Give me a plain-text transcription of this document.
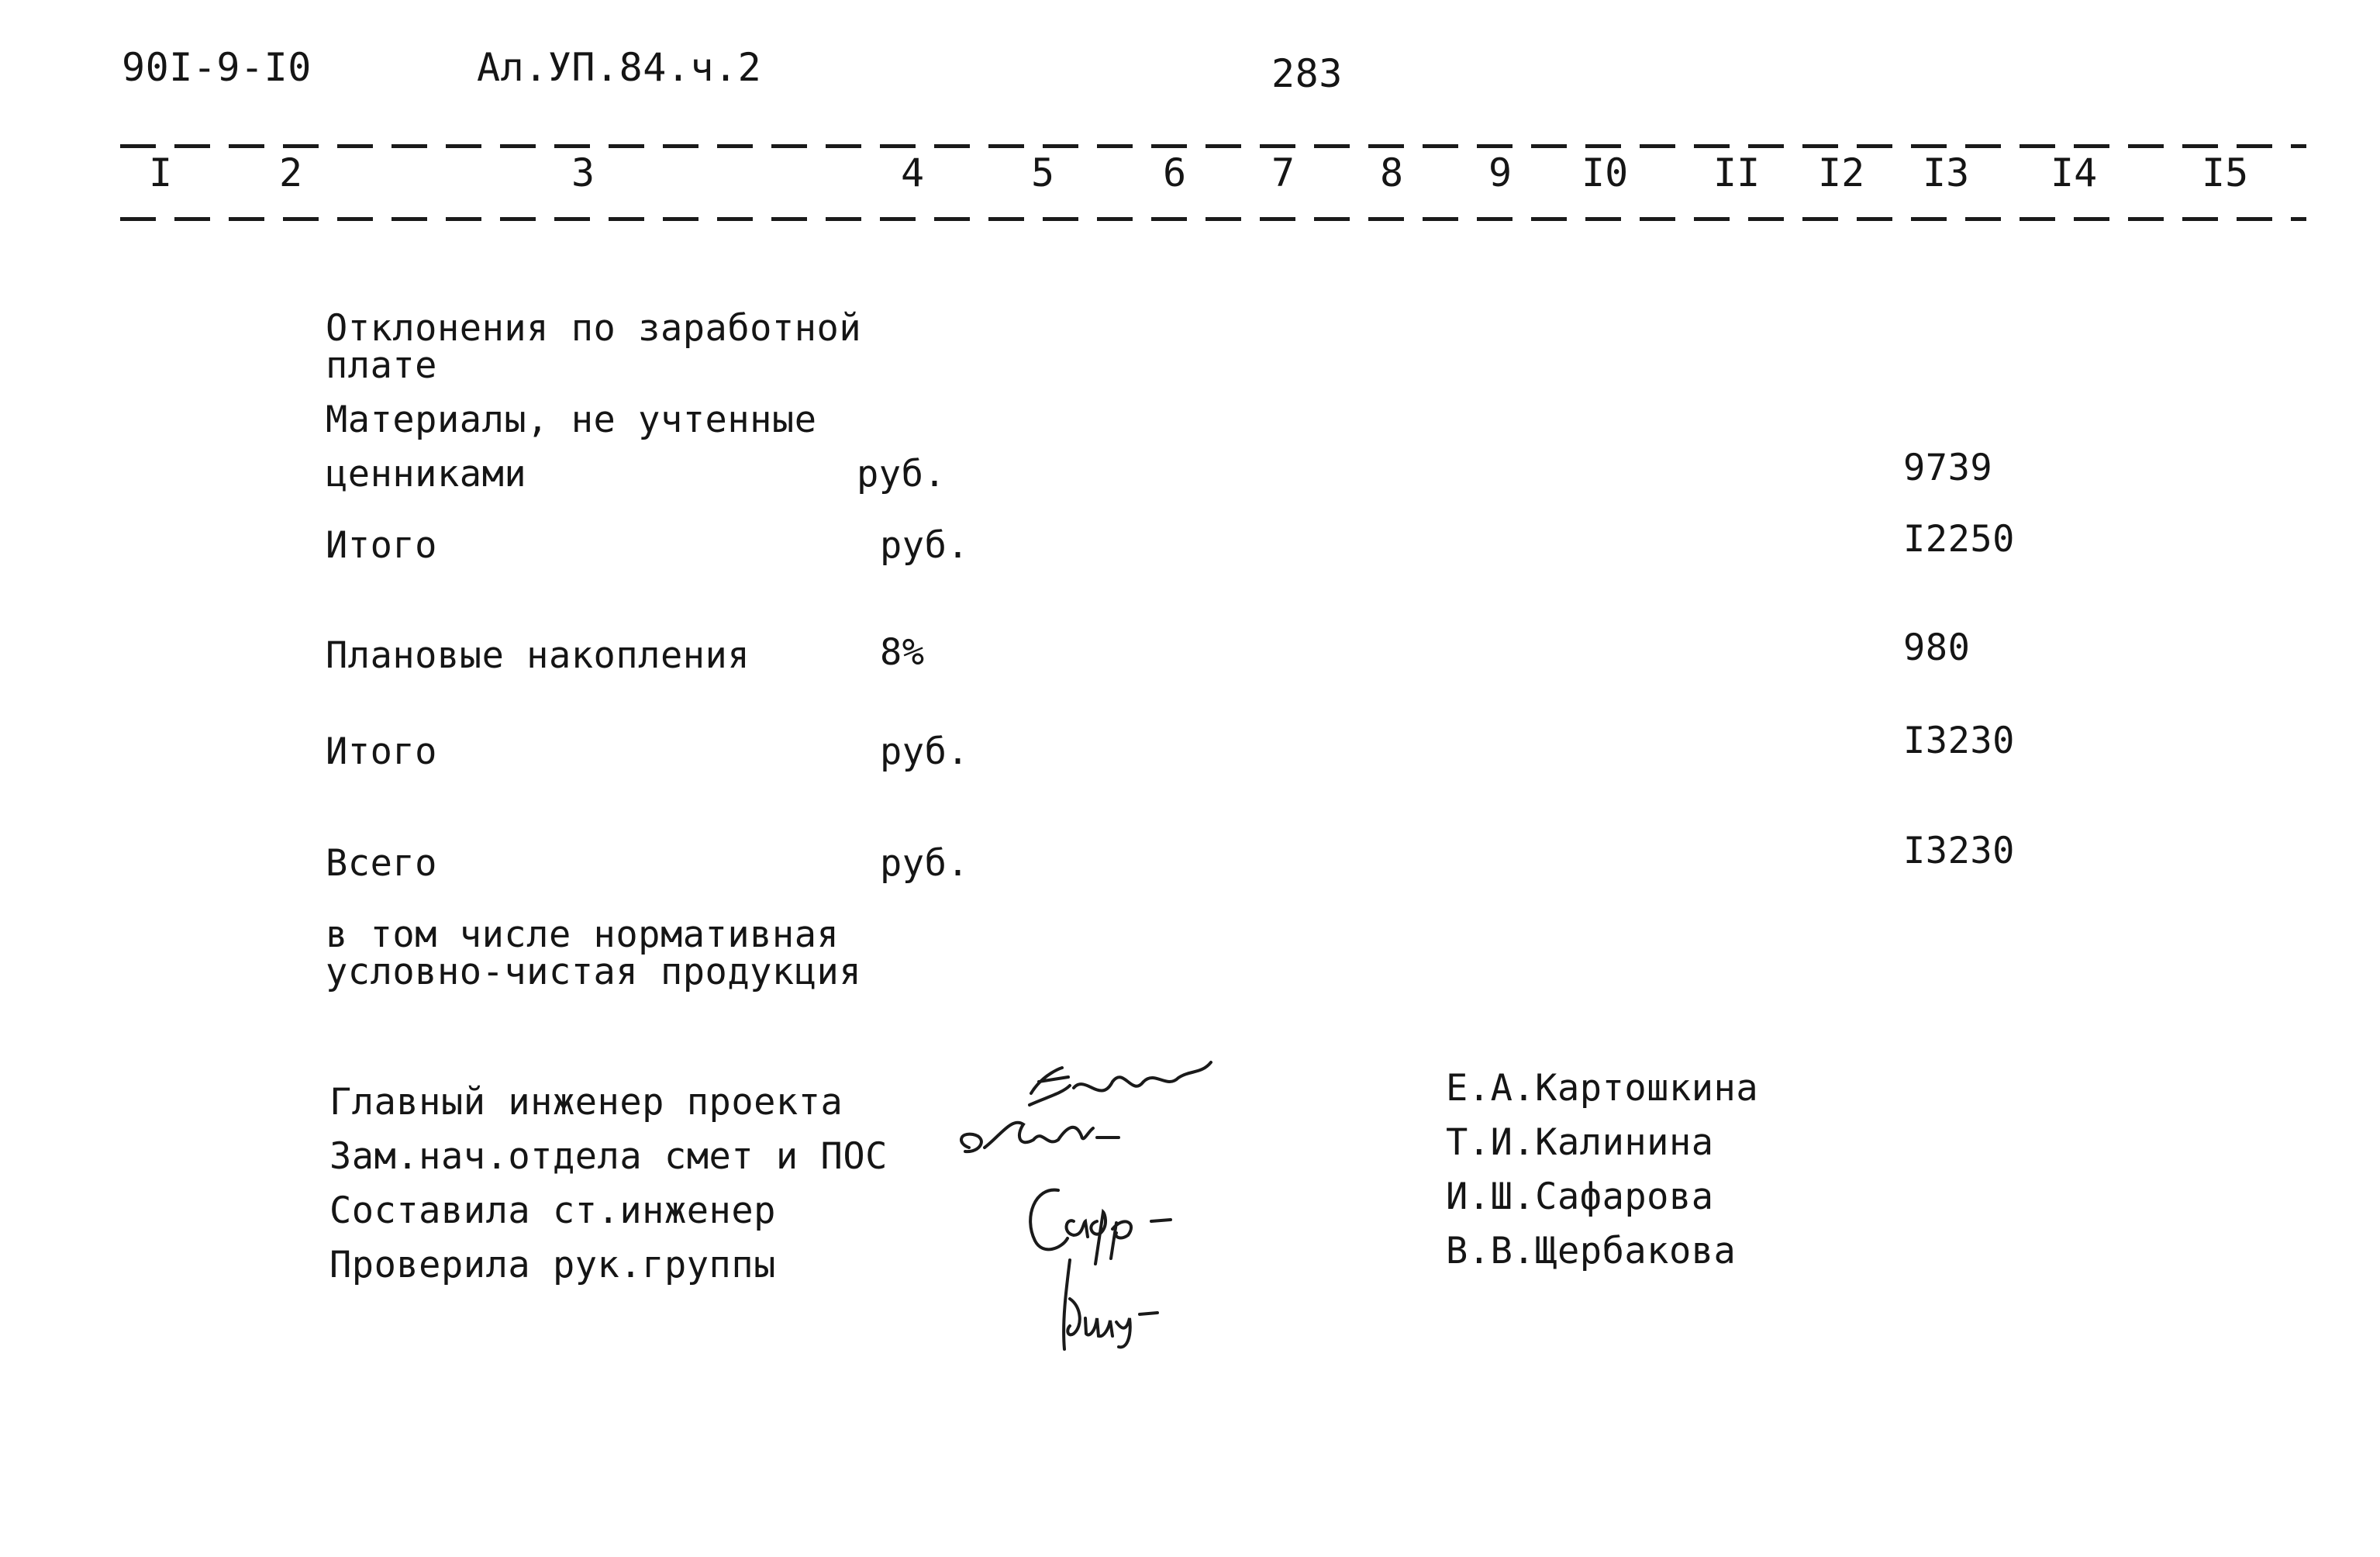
90I-9-I0	Ал.УП.84.ч.2	283
I	2	3	4	5	6 7 8 9 I0 II I2 I3 I4	I5
Отклонения по заработной
плате
Материалы, не учтенные
ценниками	руб.	9739
Итого	руб.	I2250
Плановые накопления	8%	980
Итого	руб.	I3230
Всего	руб.	I3230
в том числе нормативная
условно-чистая продукция
Главный инженер проекта
Зам.нач.отдела смет и ПОС
Составила ст.инженер
Проверила рук.группы
Е.А.Картошкина
Т.И.Калинина
И.Ш.Сафарова
В.В.Щербакова
